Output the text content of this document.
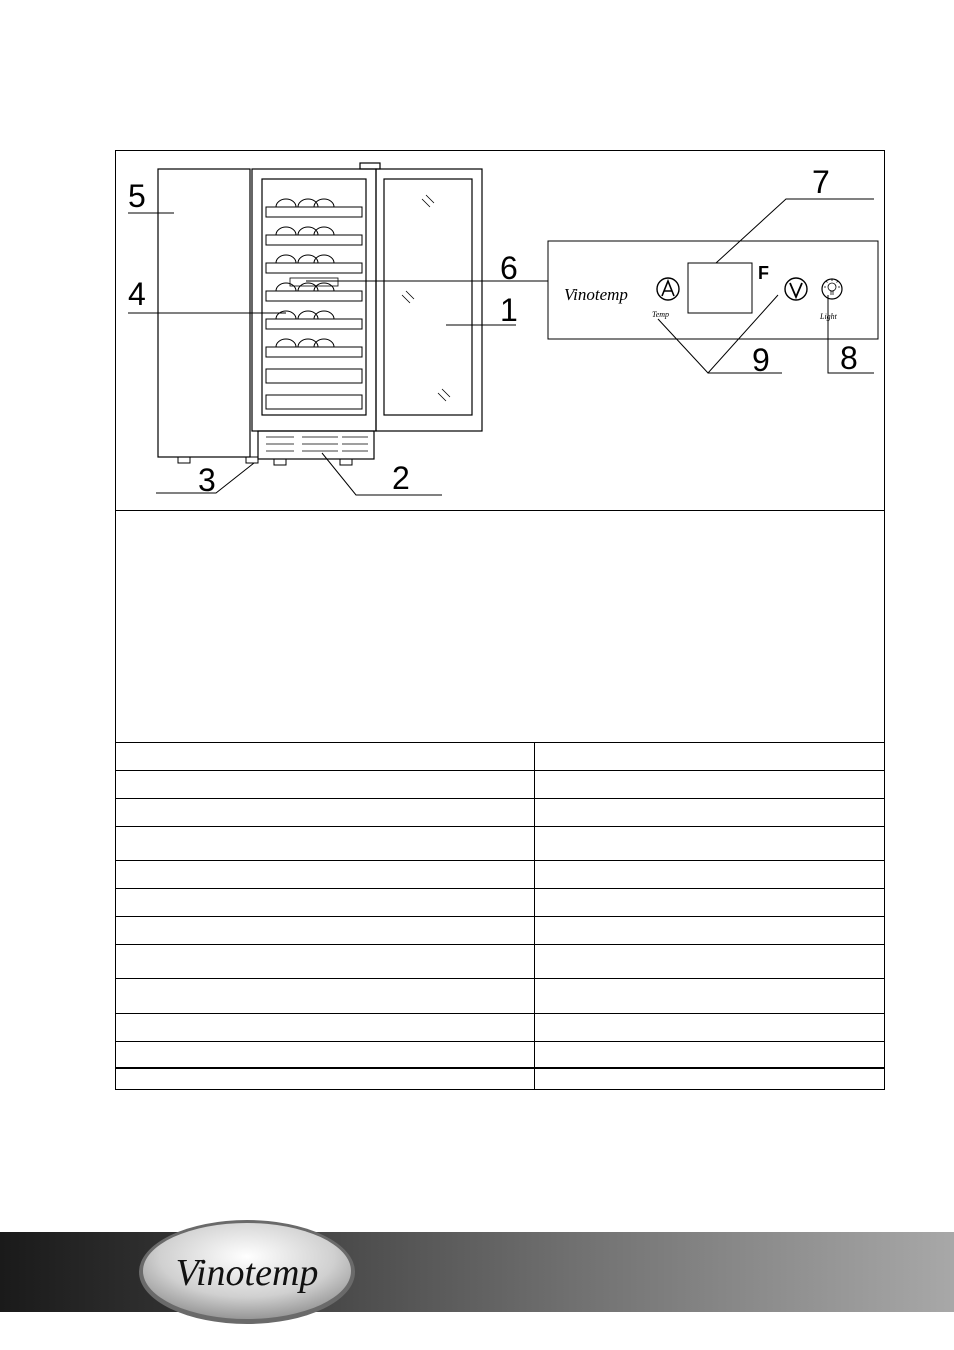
1
2
3
4
5
6
7
8
9
Vinotemp
Temp
F
Light

Vinotemp
